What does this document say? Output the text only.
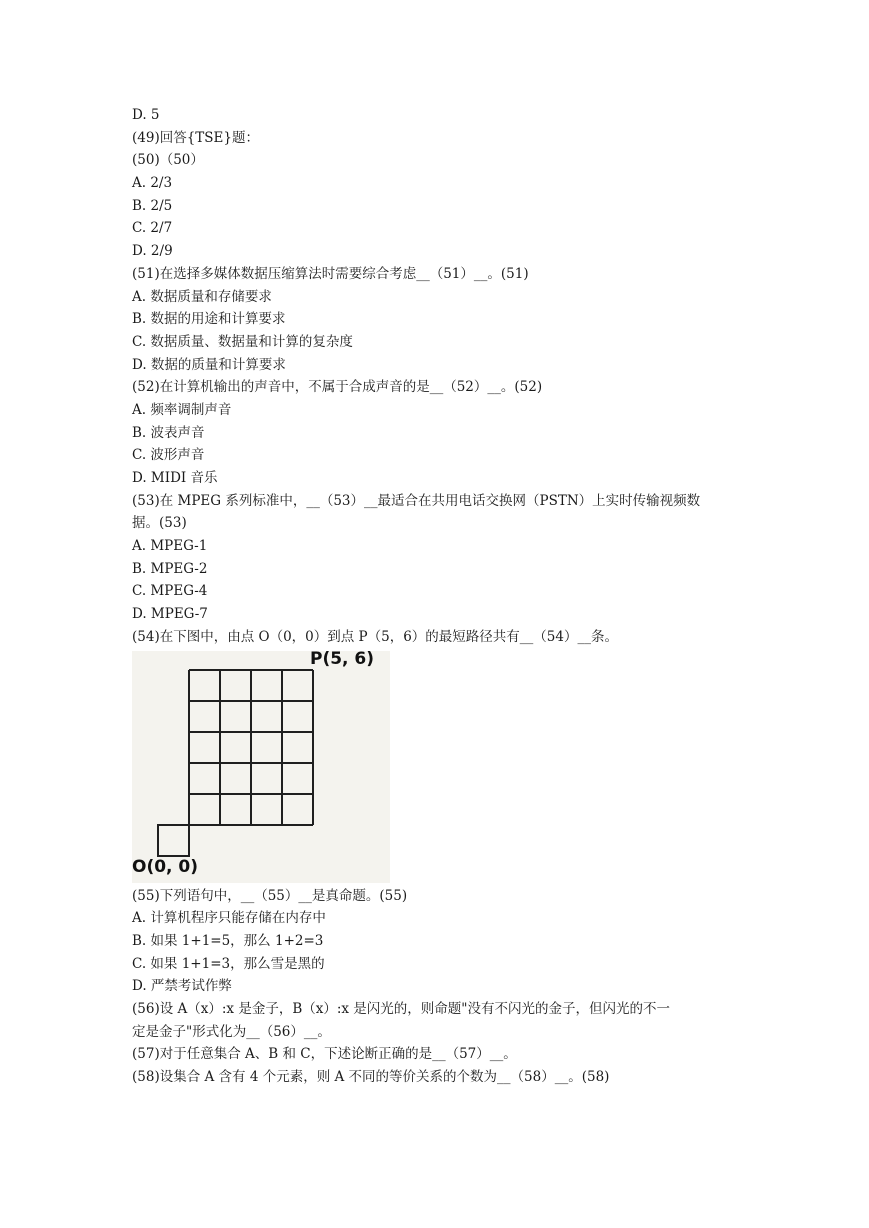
D. 5
(49)回答{TSE}题：
(50)（50）
A. 2/3
B. 2/5
C. 2/7
D. 2/9
(51)在选择多媒体数据压缩算法时需要综合考虑__（51）__。(51)
A. 数据质量和存储要求
B. 数据的用途和计算要求
C. 数据质量、数据量和计算的复杂度
D. 数据的质量和计算要求
(52)在计算机输出的声音中，不属于合成声音的是__（52）__。(52)
A. 频率调制声音
B. 波表声音
C. 波形声音
D. MIDI 音乐
(53)在 MPEG 系列标准中，__（53）__最适合在共用电话交换网（PSTN）上实时传输视频数
据。(53)
A. MPEG-1
B. MPEG-2
C. MPEG-4
D. MPEG-7
(54)在下图中，由点 O（0，0）到点 P（5，6）的最短路径共有__（54）__条。
P(5, 6)
O(0, 0)
(55)下列语句中，__（55）__是真命题。(55)
A. 计算机程序只能存储在内存中
B. 如果 1+1=5，那么 1+2=3
C. 如果 1+1=3，那么雪是黑的
D. 严禁考试作弊
(56)设 A（x）:x 是金子，B（x）:x 是闪光的，则命题"没有不闪光的金子，但闪光的不一
定是金子"形式化为__（56）__。
(57)对于任意集合 A、B 和 C，下述论断正确的是__（57）__。
(58)设集合 A 含有 4 个元素，则 A 不同的等价关系的个数为__（58）__。(58)
